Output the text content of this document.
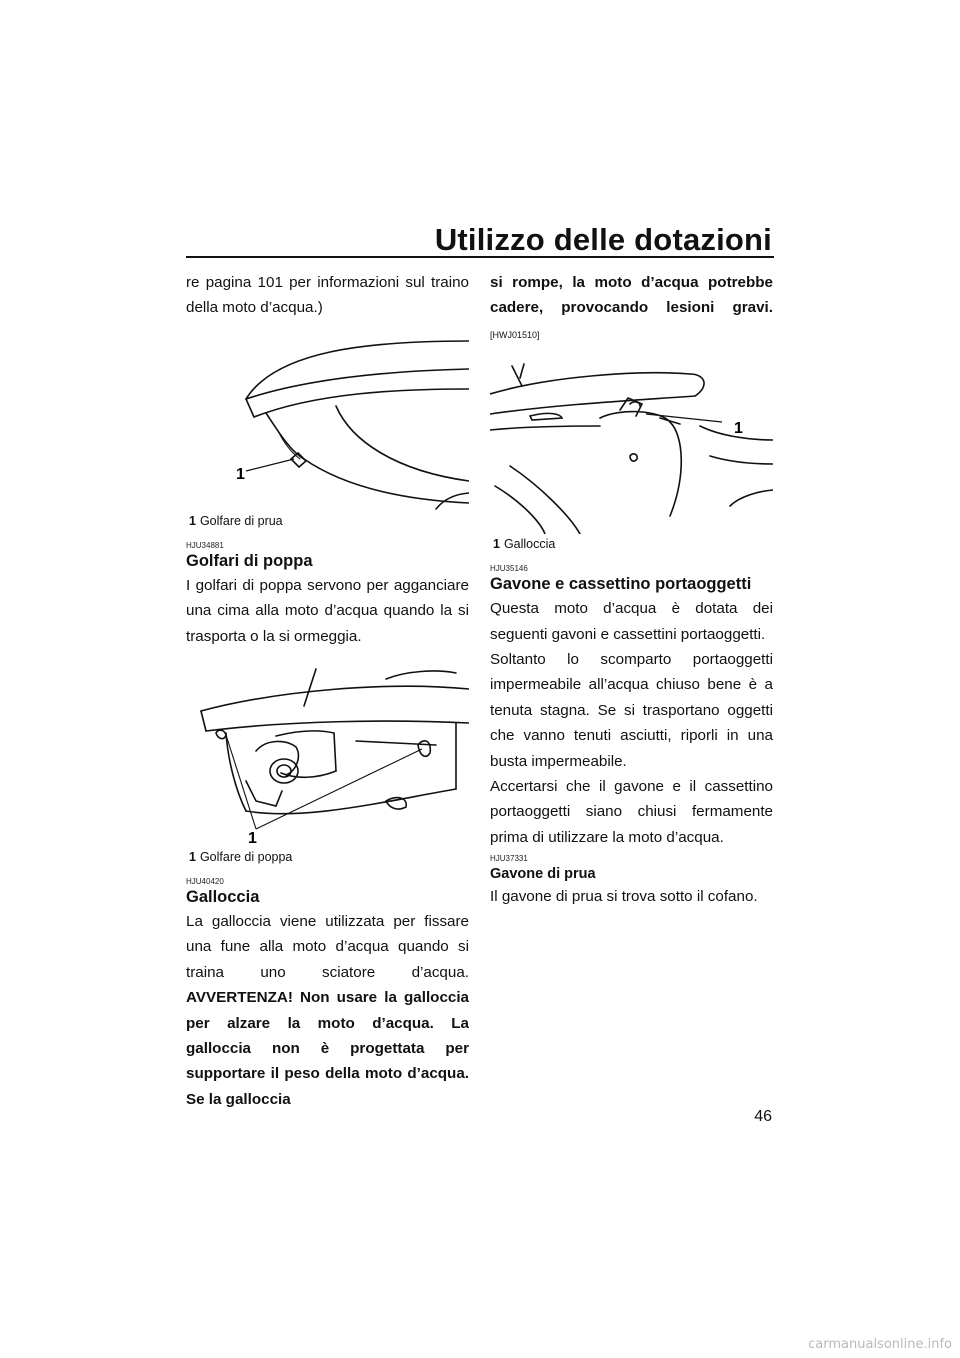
Utilizzo delle dotazioni

re pagina 101 per informazioni sul traino della moto d’acqua.)

1
1 Golfare di prua
HJU34881
Golfari di poppa

I golfari di poppa servono per agganciare una cima alla moto d’acqua quando la si trasporta o la si ormeggia.

1
1 Golfare di poppa
HJU40420
Galloccia

La galloccia viene utilizzata per fissare una fune alla moto d’acqua quando si traina uno sciatore d’acqua. AVVERTENZA! Non usare la galloccia per alzare la moto d’acqua. La galloccia non è progettata per supportare il peso della moto d’acqua. Se la galloccia

si rompe, la moto d’acqua potrebbe cadere, provocando lesioni gravi. [HWJ01510]

1
1 Galloccia
HJU35146
Gavone e cassettino portaoggetti

Questa moto d’acqua è dotata dei seguenti gavoni e cassettini portaoggetti.

Soltanto lo scomparto portaoggetti impermeabile all’acqua chiuso bene è a tenuta stagna. Se si trasportano oggetti che vanno tenuti asciutti, riporli in una busta impermeabile.

Accertarsi che il gavone e il cassettino portaoggetti siano chiusi fermamente prima di utilizzare la moto d’acqua.

HJU37331
Gavone di prua

Il gavone di prua si trova sotto il cofano.

46
carmanualsonline.info
